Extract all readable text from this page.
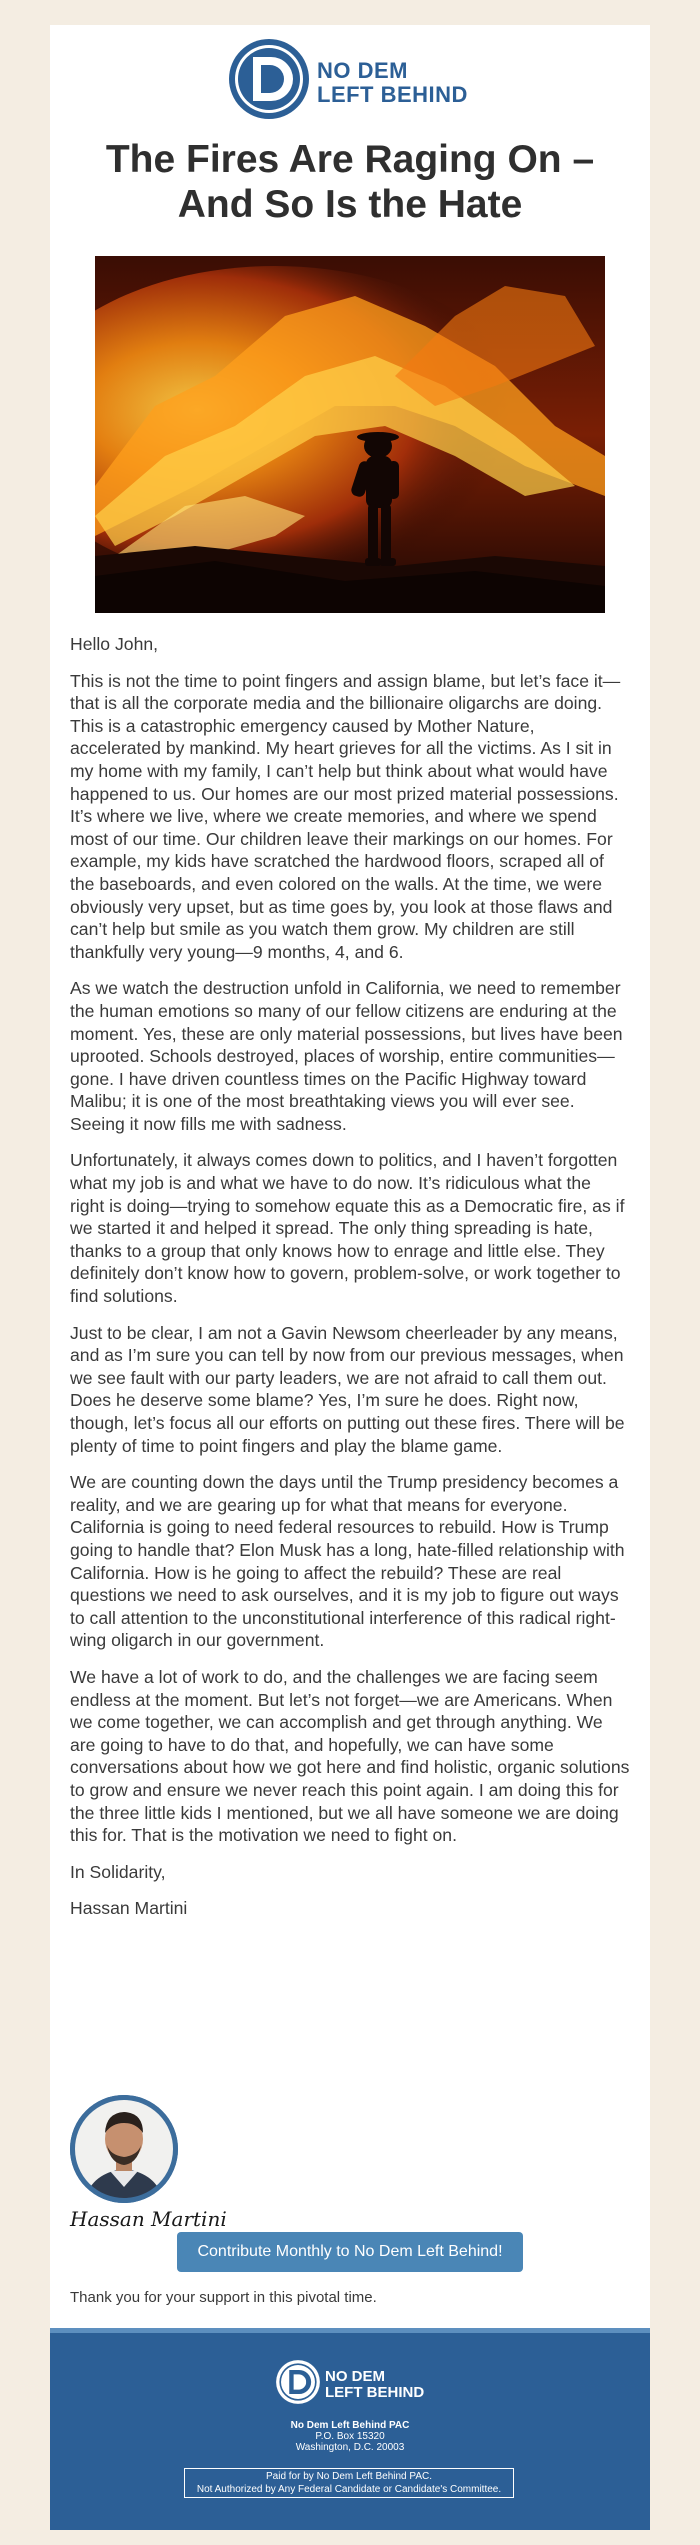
NO DEM
LEFT BEHIND
The Fires Are Raging On – And So Is the Hate

Hello John,

This is not the time to point fingers and assign blame, but let’s face it—that is all the corporate media and the billionaire oligarchs are doing. This is a catastrophic emergency caused by Mother Nature, accelerated by mankind. My heart grieves for all the victims. As I sit in my home with my family, I can’t help but think about what would have happened to us. Our homes are our most prized material possessions. It’s where we live, where we create memories, and where we spend most of our time. Our children leave their markings on our homes. For example, my kids have scratched the hardwood floors, scraped all of the baseboards, and even colored on the walls. At the time, we were obviously very upset, but as time goes by, you look at those flaws and can’t help but smile as you watch them grow. My children are still thankfully very young—9 months, 4, and 6.

As we watch the destruction unfold in California, we need to remember the human emotions so many of our fellow citizens are enduring at the moment. Yes, these are only material possessions, but lives have been uprooted. Schools destroyed, places of worship, entire communities—gone. I have driven countless times on the Pacific Highway toward Malibu; it is one of the most breathtaking views you will ever see. Seeing it now fills me with sadness.

Unfortunately, it always comes down to politics, and I haven’t forgotten what my job is and what we have to do now. It’s ridiculous what the right is doing—trying to somehow equate this as a Democratic fire, as if we started it and helped it spread. The only thing spreading is hate, thanks to a group that only knows how to enrage and little else. They definitely don’t know how to govern, problem-solve, or work together to find solutions.

Just to be clear, I am not a Gavin Newsom cheerleader by any means, and as I’m sure you can tell by now from our previous messages, when we see fault with our party leaders, we are not afraid to call them out. Does he deserve some blame? Yes, I’m sure he does. Right now, though, let’s focus all our efforts on putting out these fires. There will be plenty of time to point fingers and play the blame game.

We are counting down the days until the Trump presidency becomes a reality, and we are gearing up for what that means for everyone. California is going to need federal resources to rebuild. How is Trump going to handle that? Elon Musk has a long, hate-filled relationship with California. How is he going to affect the rebuild? These are real questions we need to ask ourselves, and it is my job to figure out ways to call attention to the unconstitutional interference of this radical right-wing oligarch in our government.

We have a lot of work to do, and the challenges we are facing seem endless at the moment. But let’s not forget—we are Americans. When we come together, we can accomplish and get through anything. We are going to have to do that, and hopefully, we can have some conversations about how we got here and find holistic, organic solutions to grow and ensure we never reach this point again. I am doing this for the three little kids I mentioned, but we all have someone we are doing this for. That is the motivation we need to fight on.

In Solidarity,

Hassan Martini

Hassan Martini
Contribute Monthly to No Dem Left Behind!
Thank you for your support in this pivotal time.
NO DEM
LEFT BEHIND
No Dem Left Behind PAC
P.O. Box 15320
Washington, D.C. 20003
Paid for by No Dem Left Behind PAC.
Not Authorized by Any Federal Candidate or Candidate's Committee.
